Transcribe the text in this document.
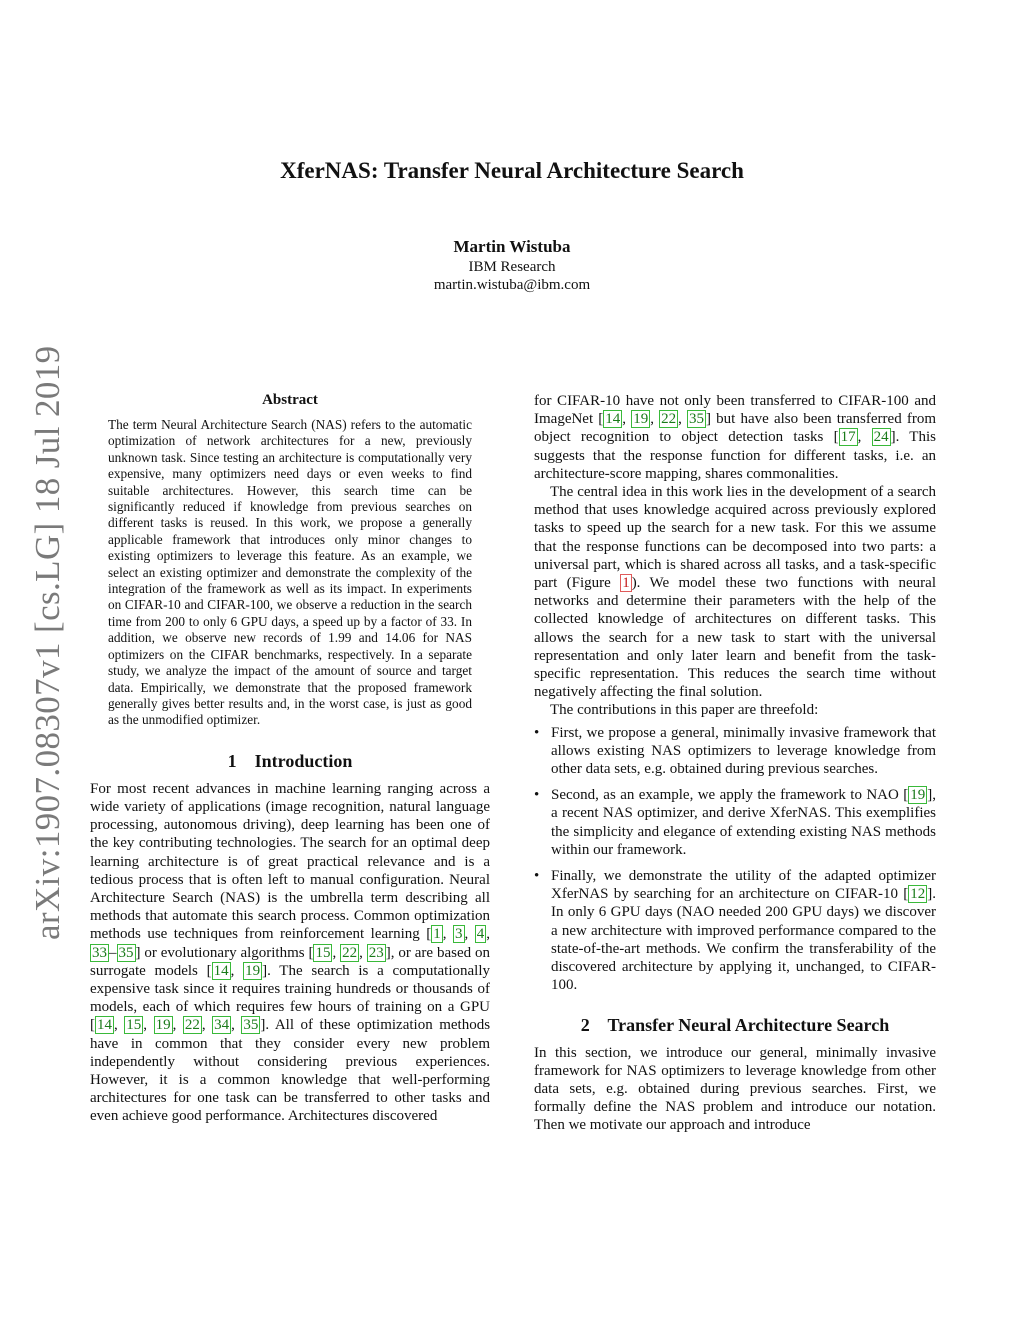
arXiv:1907.08307v1 [cs.LG] 18 Jul 2019
XferNAS: Transfer Neural Architecture Search
Martin Wistuba
IBM Research
martin.wistuba@ibm.com
Abstract

The term Neural Architecture Search (NAS) refers to the automatic optimization of network architectures for a new, previously unknown task. Since testing an architecture is computationally very expensive, many optimizers need days or even weeks to find suitable architectures. However, this search time can be significantly reduced if knowledge from previous searches on different tasks is reused. In this work, we propose a generally applicable framework that introduces only minor changes to existing optimizers to leverage this feature. As an example, we select an existing optimizer and demonstrate the complexity of the integration of the framework as well as its impact. In experiments on CIFAR-10 and CIFAR-100, we observe a reduction in the search time from 200 to only 6 GPU days, a speed up by a factor of 33. In addition, we observe new records of 1.99 and 14.06 for NAS optimizers on the CIFAR benchmarks, respectively. In a separate study, we analyze the impact of the amount of source and target data. Empirically, we demonstrate that the proposed framework generally gives better results and, in the worst case, is just as good as the unmodified optimizer.

1    Introduction

For most recent advances in machine learning ranging across a wide variety of applications (image recognition, natural language processing, autonomous driving), deep learning has been one of the key contributing technologies. The search for an optimal deep learning architecture is of great practical relevance and is a tedious process that is often left to manual configuration. Neural Architecture Search (NAS) is the umbrella term describing all methods that automate this search process. Common optimization methods use techniques from reinforcement learning [ 1 , 3 , 4 , 33 – 35 ] or evolutionary algorithms [ 15 , 22 , 23 ], or are based on surrogate models [ 14 , 19 ]. The search is a computationally expensive task since it requires training hundreds or thousands of models, each of which requires few hours of training on a GPU [ 14 , 15 , 19 , 22 , 34 , 35 ]. All of these optimization methods have in common that they consider every new problem independently without considering previous experiences. However, it is a common knowledge that well-performing architectures for one task can be transferred to other tasks and even achieve good performance. Architectures discovered

for CIFAR-10 have not only been transferred to CIFAR-100 and ImageNet [ 14 , 19 , 22 , 35 ] but have also been transferred from object recognition to object detection tasks [ 17 , 24 ]. This suggests that the response function for different tasks, i.e. an architecture-score mapping, shares commonalities.

The central idea in this work lies in the development of a search method that uses knowledge acquired across previously explored tasks to speed up the search for a new task. For this we assume that the response functions can be decomposed into two parts: a universal part, which is shared across all tasks, and a task-specific part (Figure 1 ). We model these two functions with neural networks and determine their parameters with the help of the collected knowledge of architectures on different tasks. This allows the search for a new task to start with the universal representation and only later learn and benefit from the task-specific representation. This reduces the search time without negatively affecting the final solution.

The contributions in this paper are threefold:

• First, we propose a general, minimally invasive framework that allows existing NAS optimizers to leverage knowledge from other data sets, e.g. obtained during previous searches.
• Second, as an example, we apply the framework to NAO [ 19 ], a recent NAS optimizer, and derive XferNAS. This exemplifies the simplicity and elegance of extending existing NAS methods within our framework.
• Finally, we demonstrate the utility of the adapted optimizer XferNAS by searching for an architecture on CIFAR-10 [ 12 ]. In only 6 GPU days (NAO needed 200 GPU days) we discover a new architecture with improved performance compared to the state-of-the-art methods. We confirm the transferability of the discovered architecture by applying it, unchanged, to CIFAR-100.
2    Transfer Neural Architecture Search

In this section, we introduce our general, minimally invasive framework for NAS optimizers to leverage knowledge from other data sets, e.g. obtained during previous searches. First, we formally define the NAS problem and introduce our notation. Then we motivate our approach and introduce
